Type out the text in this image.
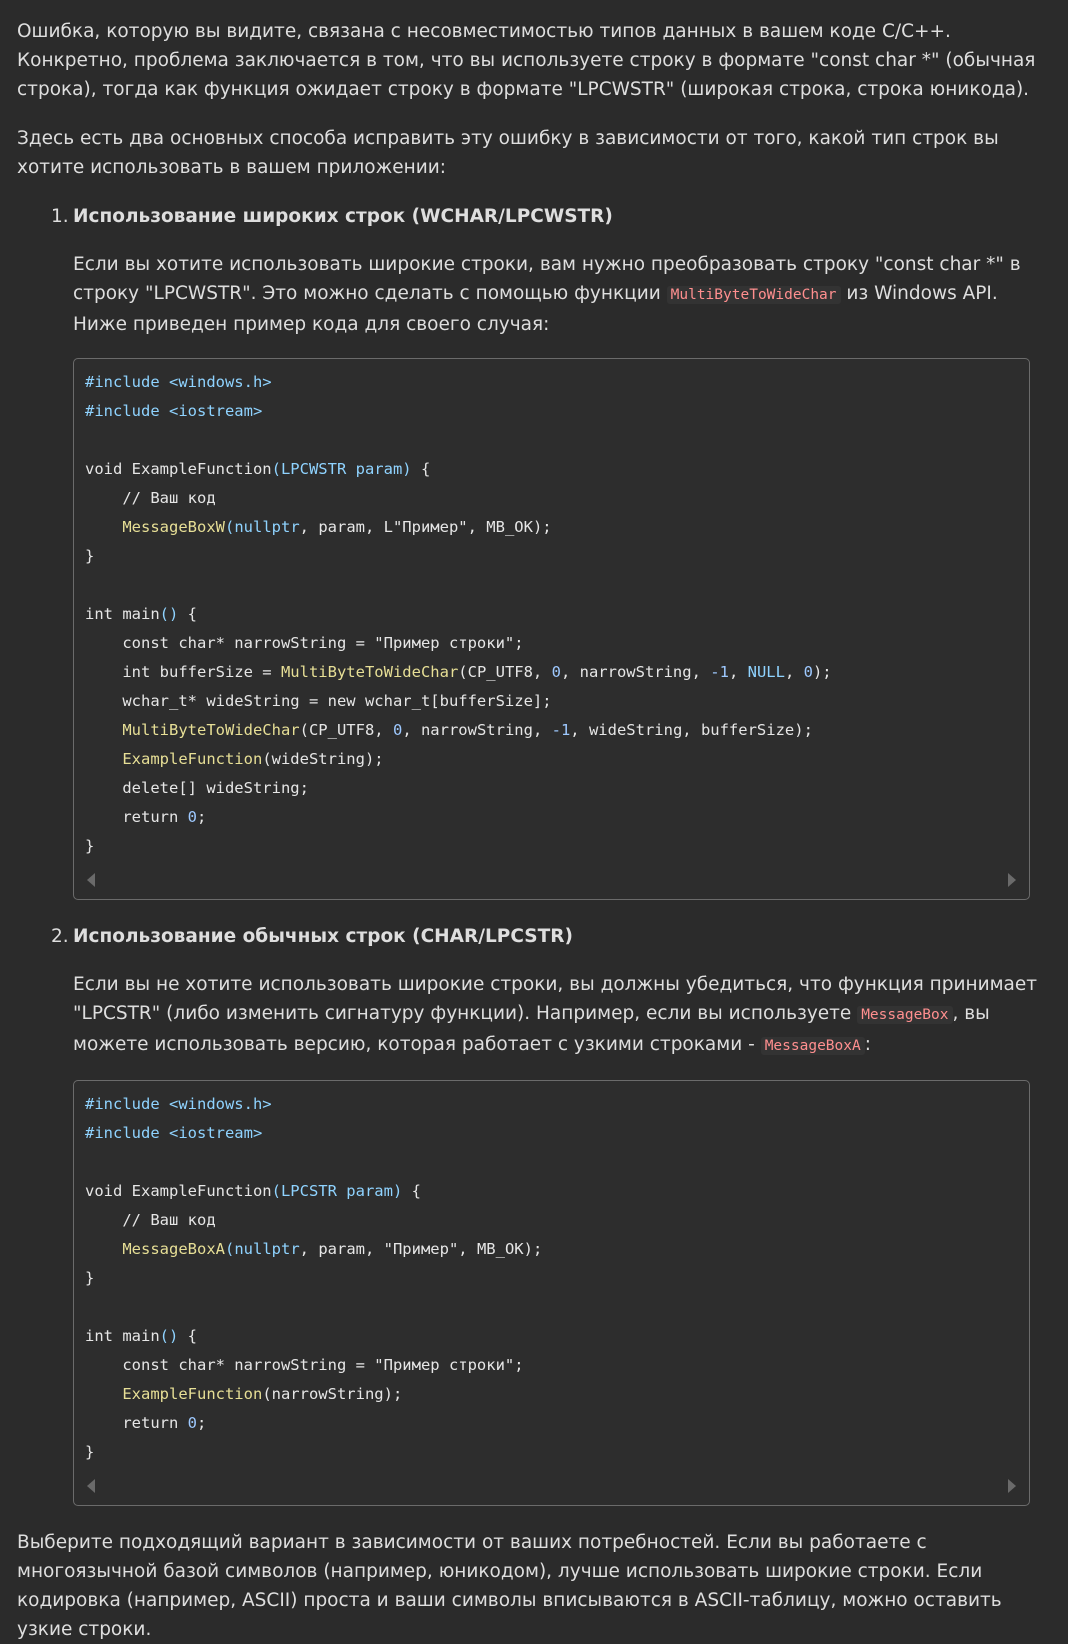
Ошибка, которую вы видите, связана с несовместимостью типов данных в вашем коде C/C++. Конкретно, проблема заключается в том, что вы используете строку в формате "const char *" (обычная строка), тогда как функция ожидает строку в формате "LPCWSTR" (широкая строка, строка юникода).

Здесь есть два основных способа исправить эту ошибку в зависимости от того, какой тип строк вы хотите использовать в вашем приложении:

1. Использование широких строк (WCHAR/LPCWSTR)
Если вы хотите использовать широкие строки, вам нужно преобразовать строку "const char *" в строку "LPCWSTR". Это можно сделать с помощью функции MultiByteToWideChar из Windows API. Ниже приведен пример кода для своего случая:
#include <windows.h>
#include <iostream>
void ExampleFunction(LPCWSTR param) {
// Ваш код
MessageBoxW(nullptr, param, L"Пример", MB_OK);
}
int main() {
const char* narrowString = "Пример строки";
int bufferSize = MultiByteToWideChar(CP_UTF8, 0, narrowString, -1, NULL, 0);
wchar_t* wideString = new wchar_t[bufferSize];
MultiByteToWideChar(CP_UTF8, 0, narrowString, -1, wideString, bufferSize);
ExampleFunction(wideString);
delete[] wideString;
return 0;
}
2. Использование обычных строк (CHAR/LPCSTR)
Если вы не хотите использовать широкие строки, вы должны убедиться, что функция принимает "LPCSTR" (либо изменить сигнатуру функции). Например, если вы используете MessageBox , вы можете использовать версию, которая работает с узкими строками - MessageBoxA :
#include <windows.h>
#include <iostream>
void ExampleFunction(LPCSTR param) {
// Ваш код
MessageBoxA(nullptr, param, "Пример", MB_OK);
}
int main() {
const char* narrowString = "Пример строки";
ExampleFunction(narrowString);
return 0;
}

Выберите подходящий вариант в зависимости от ваших потребностей. Если вы работаете с многоязычной базой символов (например, юникодом), лучше использовать широкие строки. Если кодировка (например, ASCII) проста и ваши символы вписываются в ASCII-таблицу, можно оставить узкие строки.
